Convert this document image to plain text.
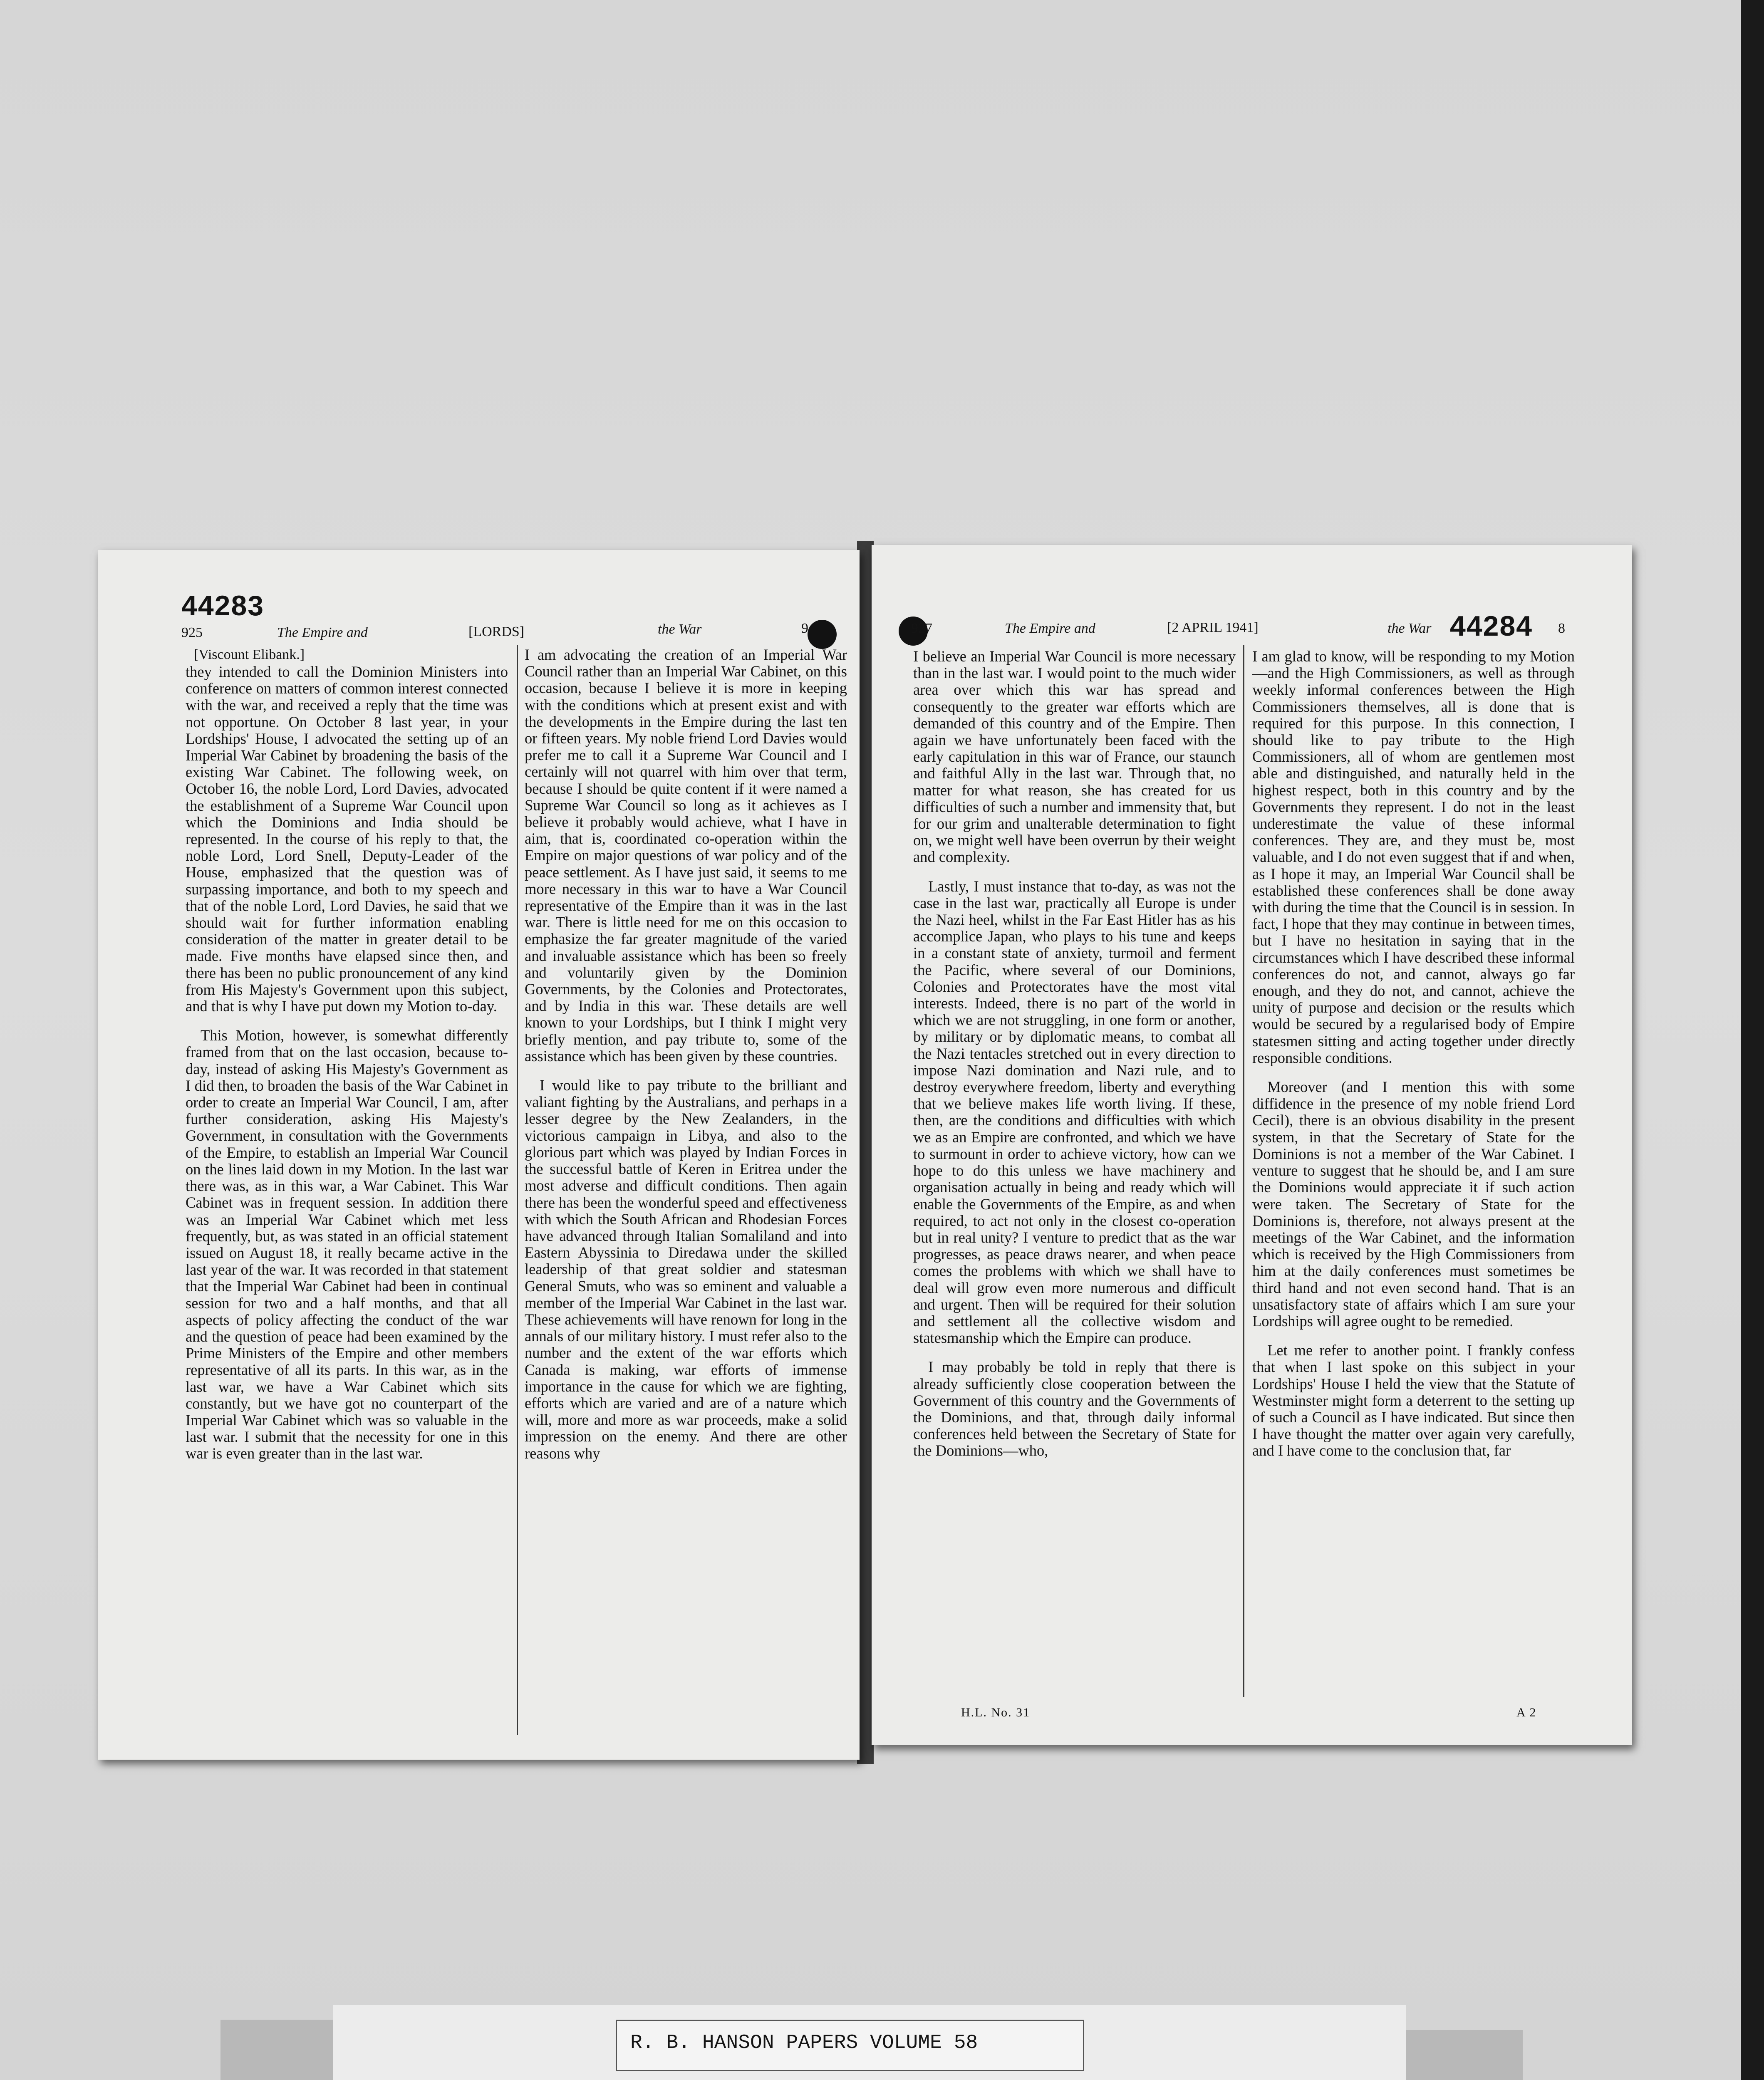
44283
925	The Empire and	[LORDS]	the War	9
[Viscount Elibank.]

they intended to call the Dominion Ministers into conference on matters of common interest connected with the war, and received a reply that the time was not opportune. On October 8 last year, in your Lordships' House, I advocated the setting up of an Imperial War Cabinet by broadening the basis of the existing War Cabinet. The following week, on October 16, the noble Lord, Lord Davies, advocated the establishment of a Supreme War Council upon which the Dominions and India should be represented. In the course of his reply to that, the noble Lord, Lord Snell, Deputy-Leader of the House, emphasized that the question was of surpassing importance, and both to my speech and that of the noble Lord, Lord Davies, he said that we should wait for further information enabling consideration of the matter in greater detail to be made. Five months have elapsed since then, and there has been no public pronouncement of any kind from His Majesty's Government upon this subject, and that is why I have put down my Motion to-day.

This Motion, however, is somewhat differently framed from that on the last occasion, because to-day, instead of asking His Majesty's Government as I did then, to broaden the basis of the War Cabinet in order to create an Imperial War Council, I am, after further consideration, asking His Majesty's Government, in consultation with the Governments of the Empire, to establish an Imperial War Council on the lines laid down in my Motion. In the last war there was, as in this war, a War Cabinet. This War Cabinet was in frequent session. In addition there was an Imperial War Cabinet which met less frequently, but, as was stated in an official statement issued on August 18, it really became active in the last year of the war. It was recorded in that statement that the Imperial War Cabinet had been in continual session for two and a half months, and that all aspects of policy affecting the conduct of the war and the question of peace had been examined by the Prime Ministers of the Empire and other members representative of all its parts. In this war, as in the last war, we have a War Cabinet which sits constantly, but we have got no counterpart of the Imperial War Cabinet which was so valuable in the last war. I submit that the necessity for one in this war is even greater than in the last war.

I am advocating the creation of an Imperial War Council rather than an Imperial War Cabinet, on this occasion, because I believe it is more in keeping with the conditions which at present exist and with the developments in the Empire during the last ten or fifteen years. My noble friend Lord Davies would prefer me to call it a Supreme War Council and I certainly will not quarrel with him over that term, because I should be quite content if it were named a Supreme War Council so long as it achieves as I believe it probably would achieve, what I have in aim, that is, coordinated co-operation within the Empire on major questions of war policy and of the peace settlement. As I have just said, it seems to me more necessary in this war to have a War Council representative of the Empire than it was in the last war. There is little need for me on this occasion to emphasize the far greater magnitude of the varied and invaluable assistance which has been so freely and voluntarily given by the Dominion Governments, by the Colonies and Protectorates, and by India in this war. These details are well known to your Lordships, but I think I might very briefly mention, and pay tribute to, some of the assistance which has been given by these countries.

I would like to pay tribute to the brilliant and valiant fighting by the Australians, and perhaps in a lesser degree by the New Zealanders, in the victorious campaign in Libya, and also to the glorious part which was played by Indian Forces in the successful battle of Keren in Eritrea under the most adverse and difficult conditions. Then again there has been the wonderful speed and effectiveness with which the South African and Rhodesian Forces have advanced through Italian Somaliland and into Eastern Abyssinia to Diredawa under the skilled leadership of that great soldier and statesman General Smuts, who was so eminent and valuable a member of the Imperial War Cabinet in the last war. These achievements will have renown for long in the annals of our military history. I must refer also to the number and the extent of the war efforts which Canada is making, war efforts of immense importance in the cause for which we are fighting, efforts which are varied and are of a nature which will, more and more as war proceeds, make a solid impression on the enemy. And there are other reasons why

927	The Empire and	[2 APRIL 1941]	the War 44284 8

I believe an Imperial War Council is more necessary than in the last war. I would point to the much wider area over which this war has spread and consequently to the greater war efforts which are demanded of this country and of the Empire. Then again we have unfortunately been faced with the early capitulation in this war of France, our staunch and faithful Ally in the last war. Through that, no matter for what reason, she has created for us difficulties of such a number and immensity that, but for our grim and unalterable determination to fight on, we might well have been overrun by their weight and complexity.

Lastly, I must instance that to-day, as was not the case in the last war, practically all Europe is under the Nazi heel, whilst in the Far East Hitler has as his accomplice Japan, who plays to his tune and keeps in a constant state of anxiety, turmoil and ferment the Pacific, where several of our Dominions, Colonies and Protectorates have the most vital interests. Indeed, there is no part of the world in which we are not struggling, in one form or another, by military or by diplomatic means, to combat all the Nazi tentacles stretched out in every direction to impose Nazi domination and Nazi rule, and to destroy everywhere freedom, liberty and everything that we believe makes life worth living. If these, then, are the conditions and difficulties with which we as an Empire are confronted, and which we have to surmount in order to achieve victory, how can we hope to do this unless we have machinery and organisation actually in being and ready which will enable the Governments of the Empire, as and when required, to act not only in the closest co-operation but in real unity? I venture to predict that as the war progresses, as peace draws nearer, and when peace comes the problems with which we shall have to deal will grow even more numerous and difficult and urgent. Then will be required for their solution and settlement all the collective wisdom and statesmanship which the Empire can produce.

I may probably be told in reply that there is already sufficiently close cooperation between the Government of this country and the Governments of the Dominions, and that, through daily informal conferences held between the Secretary of State for the Dominions—who,

I am glad to know, will be responding to my Motion—and the High Commissioners, as well as through weekly informal conferences between the High Commissioners themselves, all is done that is required for this purpose. In this connection, I should like to pay tribute to the High Commissioners, all of whom are gentlemen most able and distinguished, and naturally held in the highest respect, both in this country and by the Governments they represent. I do not in the least underestimate the value of these informal conferences. They are, and they must be, most valuable, and I do not even suggest that if and when, as I hope it may, an Imperial War Council shall be established these conferences shall be done away with during the time that the Council is in session. In fact, I hope that they may continue in between times, but I have no hesitation in saying that in the circumstances which I have described these informal conferences do not, and cannot, always go far enough, and they do not, and cannot, achieve the unity of purpose and decision or the results which would be secured by a regularised body of Empire statesmen sitting and acting together under directly responsible conditions.

Moreover (and I mention this with some diffidence in the presence of my noble friend Lord Cecil), there is an obvious disability in the present system, in that the Secretary of State for the Dominions is not a member of the War Cabinet. I venture to suggest that he should be, and I am sure the Dominions would appreciate it if such action were taken. The Secretary of State for the Dominions is, therefore, not always present at the meetings of the War Cabinet, and the information which is received by the High Commissioners from him at the daily conferences must sometimes be third hand and not even second hand. That is an unsatisfactory state of affairs which I am sure your Lordships will agree ought to be remedied.

Let me refer to another point. I frankly confess that when I last spoke on this subject in your Lordships' House I held the view that the Statute of Westminster might form a deterrent to the setting up of such a Council as I have indicated. But since then I have thought the matter over again very carefully, and I have come to the conclusion that, far

H.L. No. 31	A 2
R. B. HANSON PAPERS VOLUME 58
